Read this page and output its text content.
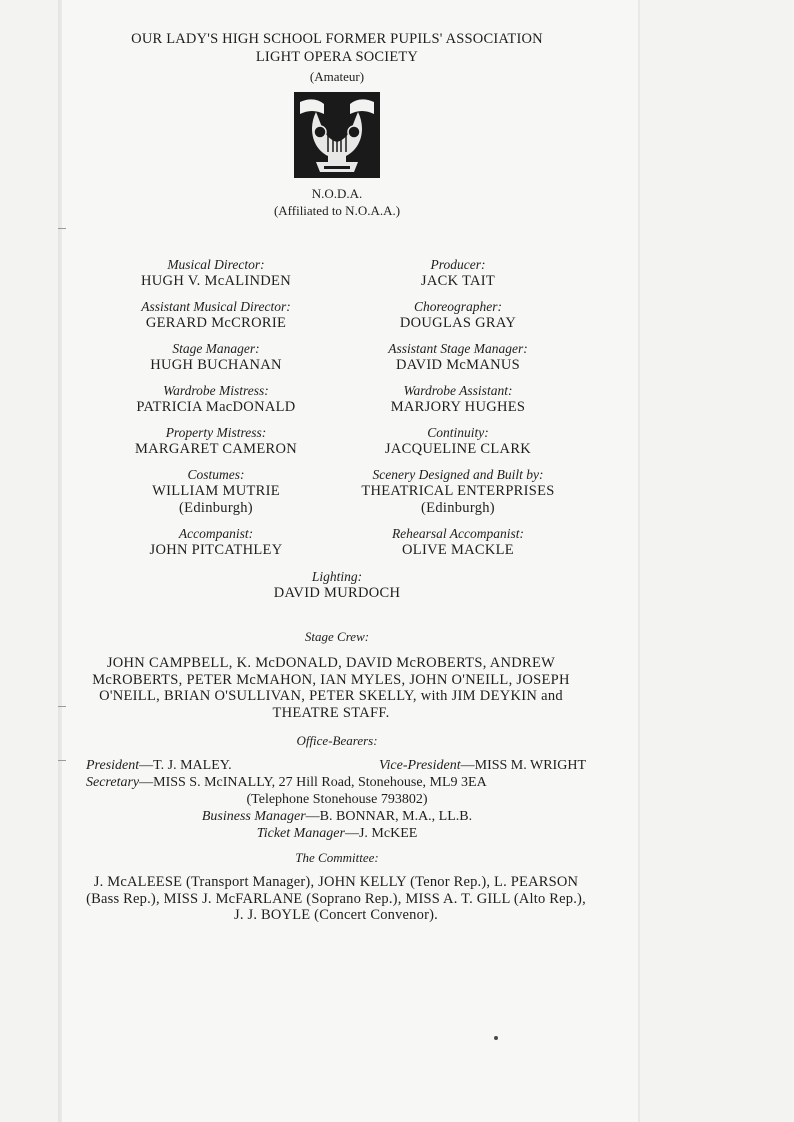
OUR LADY'S HIGH SCHOOL FORMER PUPILS' ASSOCIATION
LIGHT OPERA SOCIETY
(Amateur)
N.O.D.A.
(Affiliated to N.O.A.A.)
Musical Director:
HUGH V. McALINDEN
Producer:
JACK TAIT
Assistant Musical Director:
GERARD McCRORIE
Choreographer:
DOUGLAS GRAY
Stage Manager:
HUGH BUCHANAN
Assistant Stage Manager:
DAVID McMANUS
Wardrobe Mistress:
PATRICIA MacDONALD
Wardrobe Assistant:
MARJORY HUGHES
Property Mistress:
MARGARET CAMERON
Continuity:
JACQUELINE CLARK
Costumes:
WILLIAM MUTRIE
(Edinburgh)
Scenery Designed and Built by:
THEATRICAL ENTERPRISES
(Edinburgh)
Accompanist:
JOHN PITCATHLEY
Rehearsal Accompanist:
OLIVE MACKLE
Lighting:
DAVID MURDOCH
Stage Crew:
JOHN CAMPBELL, K. McDONALD, DAVID McROBERTS, ANDREW McROBERTS, PETER McMAHON, IAN MYLES, JOHN O'NEILL, JOSEPH O'NEILL, BRIAN O'SULLIVAN, PETER SKELLY, with JIM DEYKIN and THEATRE STAFF.
Office-Bearers:
President—T. J. MALEY.	Vice-President—MISS M. WRIGHT
Secretary—MISS S. McINALLY, 27 Hill Road, Stonehouse, ML9 3EA
(Telephone Stonehouse 793802)
Business Manager—B. BONNAR, M.A., LL.B.
Ticket Manager—J. McKEE
The Committee:
J. McALEESE (Transport Manager), JOHN KELLY (Tenor Rep.), L. PEARSON (Bass Rep.), MISS J. McFARLANE (Soprano Rep.), MISS A. T. GILL (Alto Rep.), J. J. BOYLE (Concert Convenor).
